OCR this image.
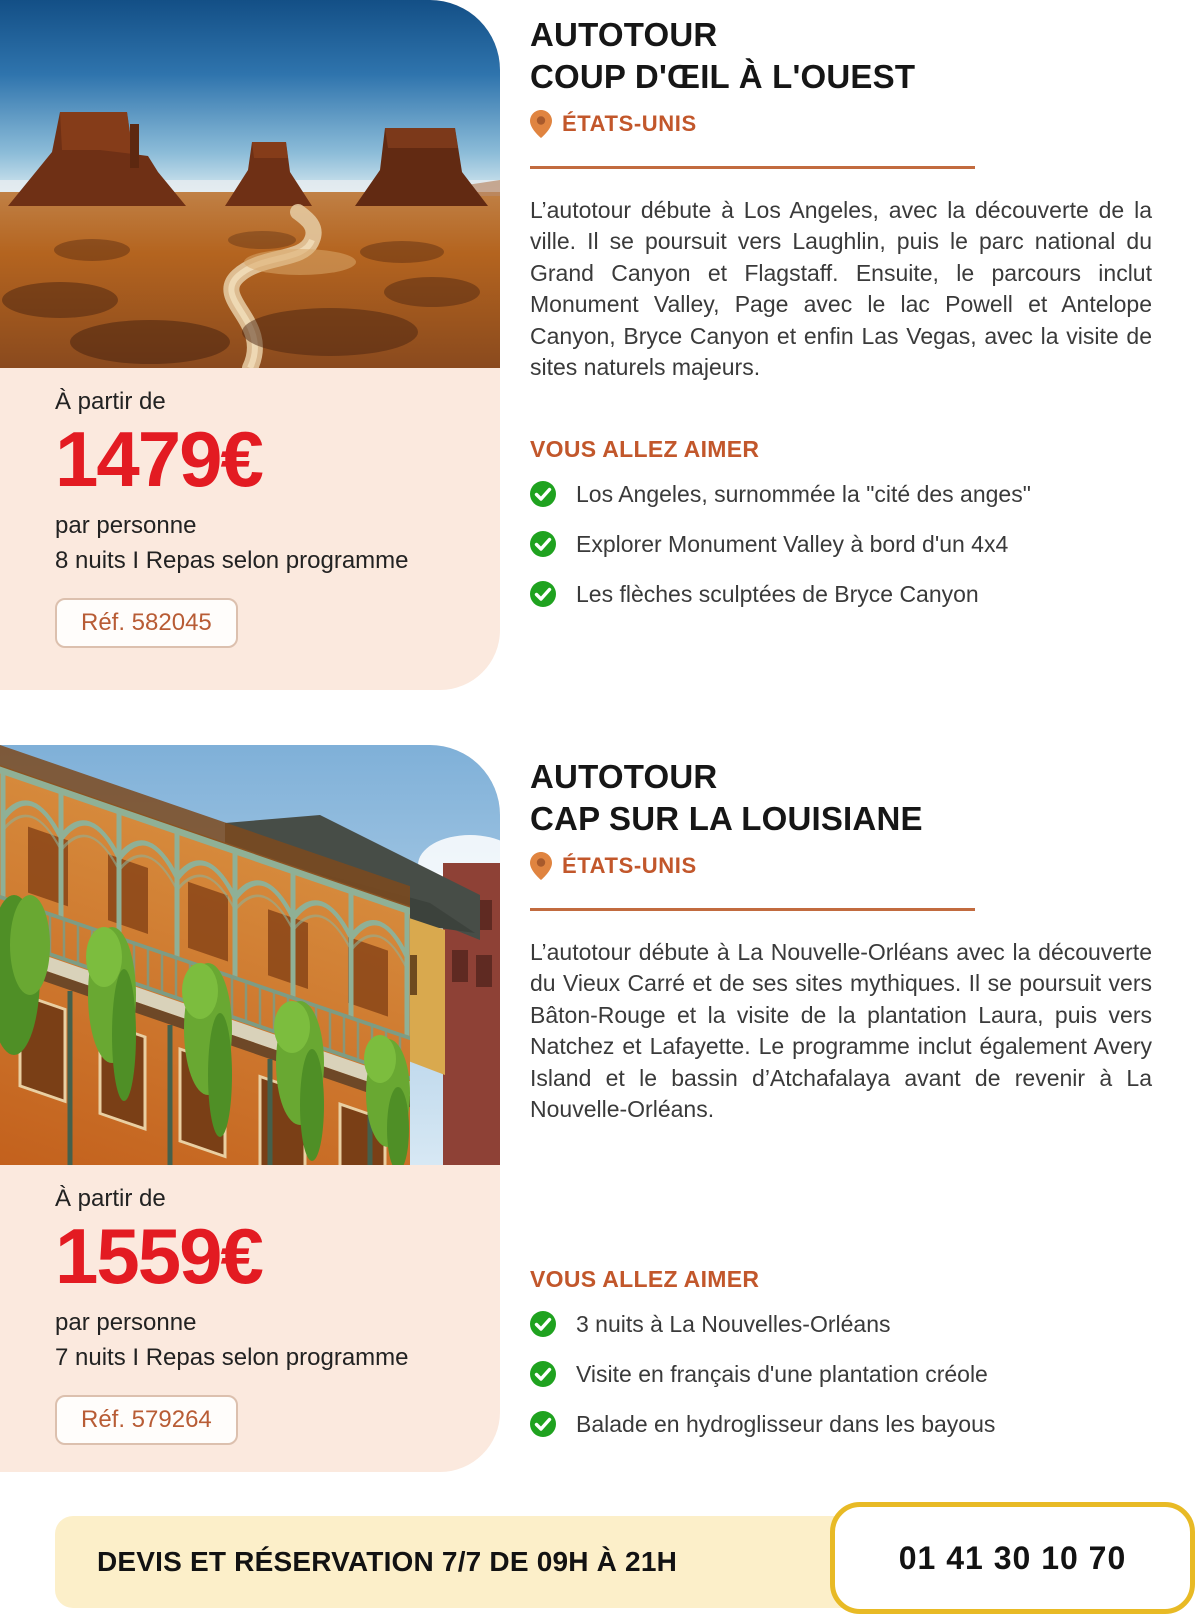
À partir de
1479€
par personne
8 nuits I Repas selon programme
Réf. 582045
AUTOTOUR
COUP D'ŒIL À L'OUEST
ÉTATS-UNIS
L’autotour débute à Los Angeles, avec la découverte de la ville. Il se poursuit vers Laughlin, puis le parc national du Grand Canyon et Flagstaff. Ensuite, le parcours inclut Monument Valley, Page avec le lac Powell et Antelope Canyon, Bryce Canyon et enfin Las Vegas, avec la visite de sites naturels majeurs.
VOUS ALLEZ AIMER
Los Angeles, surnommée la "cité des anges"
Explorer Monument Valley à bord d'un 4x4
Les flèches sculptées de Bryce Canyon
À partir de
1559€
par personne
7 nuits I Repas selon programme
Réf. 579264
AUTOTOUR
CAP SUR LA LOUISIANE
ÉTATS-UNIS
L’autotour débute à La Nouvelle-Orléans avec la découverte du Vieux Carré et de ses sites mythiques. Il se poursuit vers Bâton-Rouge et la visite de la plantation Laura, puis vers Natchez et Lafayette. Le programme inclut également Avery Island et le bassin d’Atchafalaya avant de revenir à La Nouvelle-Orléans.
VOUS ALLEZ AIMER
3 nuits à La Nouvelles-Orléans
Visite en français d'une plantation créole
Balade en hydroglisseur dans les bayous
DEVIS ET RÉSERVATION 7/7 DE 09H À 21H	01 41 30 10 70
